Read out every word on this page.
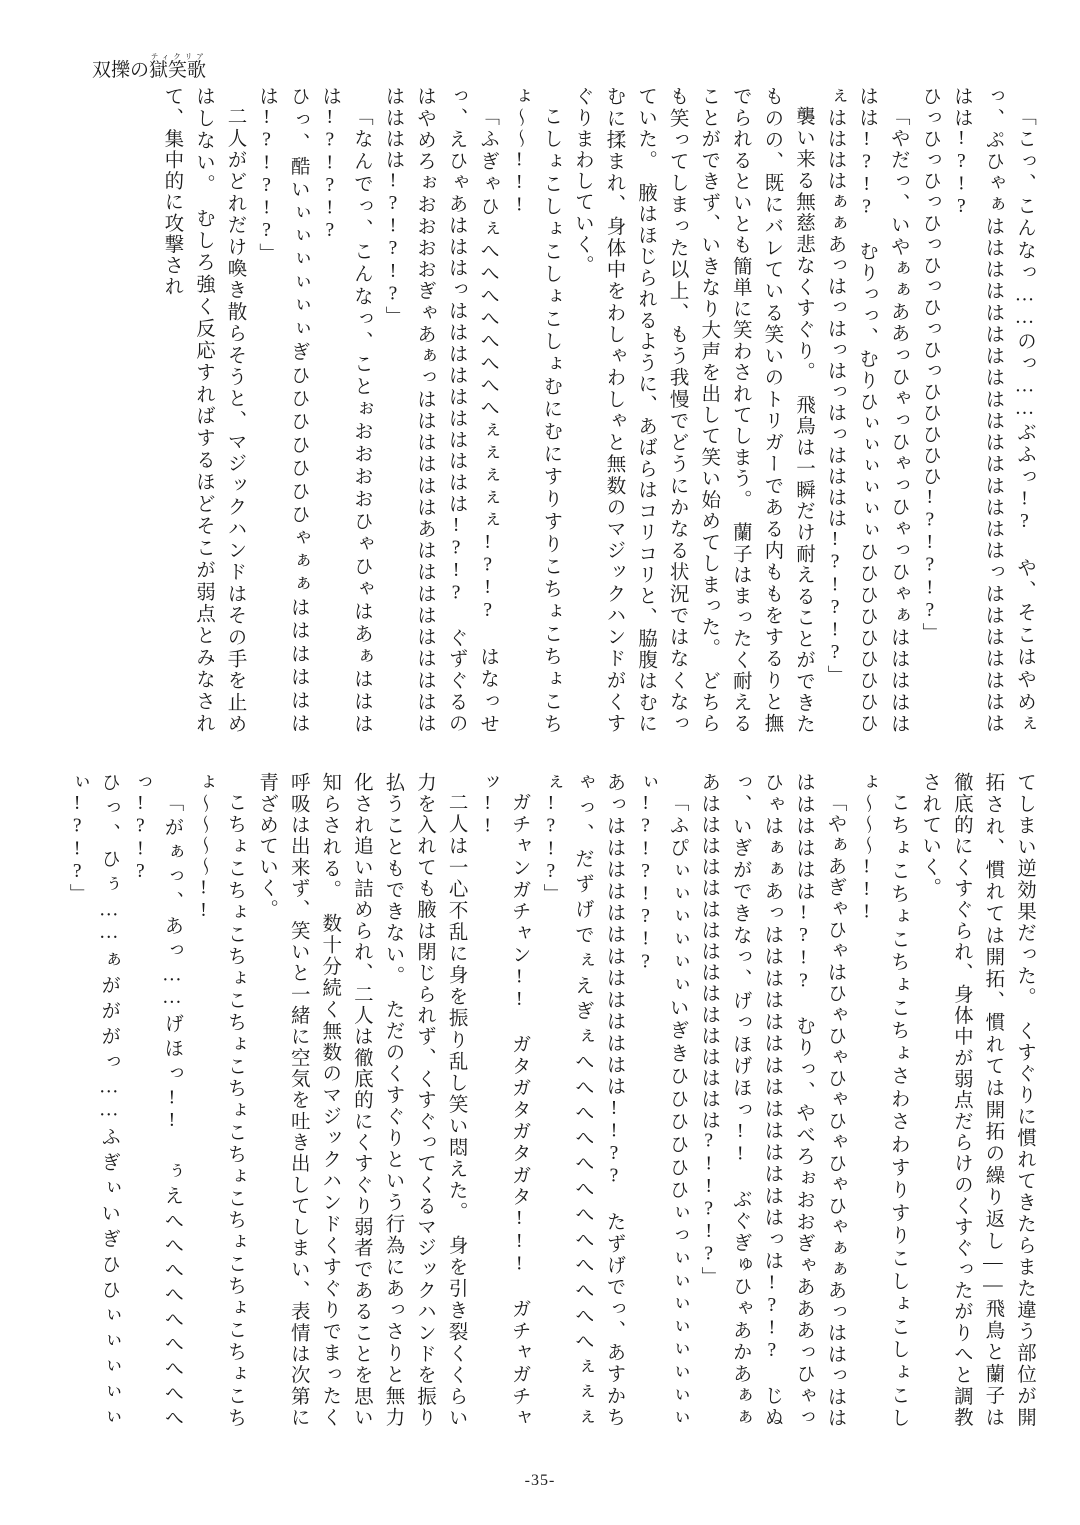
双擽の獄笑歌ティクリア

「こっ、こんなっ……のっ……ぶふっ!?　や、そこはやめぇっ、ぷひゃぁははははははははははははははははっははははははははは!?!?

ひっひっひっひっひっひっひっひひひひひ!?!?!?」

「やだっ、いやぁぁああっひゃっひゃっひゃっひゃぁははははははは!?!?　むりっっ、むりひぃぃぃぃぃぃひひひひひひひひひぇははははぁぁあっはっはっはっはっはははは!?!?!?」

襲い来る無慈悲なくすぐり。　飛鳥は一瞬だけ耐えることができたものの、既にバレている笑いのトリガーである内ももをするりと撫でられるといとも簡単に笑わされてしまう。　蘭子はまったく耐えることができず、いきなり大声を出して笑い始めてしまった。　どちらも笑ってしまった以上、もう我慢でどうにかなる状況ではなくなっていた。　腋はほじられるように、あばらはコリコリと、脇腹はむにむに揉まれ、身体中をわしゃわしゃと無数のマジックハンドがくすぐりまわしていく。

こしょこしょこしょこしょむにむにすりすりこちょこちょこちょ〜〜!!!

「ふぎゃひぇへへへへへへへへぇぇぇぇぇ!?!?　はなっせっ、えひゃあはははっはははははははははは!?!?　ぐずぐるのはやめろぉおおおおぎゃあぁっははははははあははははははははははははは!?!?!?」

「なんでっ、こんなっ、ことぉおおおおひゃひゃはあぁはははは!?!?!?

ひっ、酷いぃぃぃぃぃぃぎひひひひひひひゃぁぁははははははは!?!?!?」

二人がどれだけ喚き散らそうと、マジックハンドはその手を止めはしない。　むしろ強く反応すればするほどそこが弱点とみなされて、集中的に攻撃され

てしまい逆効果だった。　くすぐりに慣れてきたらまた違う部位が開拓され、慣れては開拓、慣れては開拓の繰り返し――飛鳥と蘭子は徹底的にくすぐられ、身体中が弱点だらけのくすぐったがりへと調教されていく。

こちょこちょこちょこちょさわさわすりすりこしょこしょこしょ〜〜〜!!!

「やぁあぎゃひゃはひゃひゃひゃひゃひゃひゃぁぁあっははっはははははははは!?!?　むりっ、やべろぉおおぎゃあああっひゃっひゃはぁぁあっははははははははははははははっは!?!?　じぬっ、いぎができなっ、げっほげほっ!!　ぶぐぎゅひゃあかあぁぁあはははははははははははははははは?!!?!?」

「ふぴぃぃぃぃぃぃいぎきひひひひひひぃっぃぃぃぃぃぃぃぃぃ!?!?!?!?

あっははははははははははははは!!?? たずげでっ、あすかちゃっ、だずげでぇえぎぇへへへへへへへへへへへへぇぇぇぇ!?!?」

ガチャンガチャン!!　ガタガタガタガタ!!!　ガチャガチャッ!!

二人は一心不乱に身を振り乱し笑い悶えた。　身を引き裂くくらい力を入れても腋は閉じられず、くすぐってくるマジックハンドを振り払うこともできない。　ただのくすぐりという行為にあっさりと無力化され追い詰められ、二人は徹底的にくすぐり弱者であることを思い知らされる。　数十分続く無数のマジックハンドくすぐりでまったく呼吸は出来ず、笑いと一緒に空気を吐き出してしまい、表情は次第に青ざめていく。

こちょこちょこちょこちょこちょこちょこちょこちょこちょこちょ〜〜〜〜!!

「がぁっ、あっ……げほっ!!　ぅえへへへへへへへへへっ!?!?

ひっ、ひぅ……ぁがががっ……ふぎぃいぎひひぃぃぃぃぃぃ!?!?」

-35-
